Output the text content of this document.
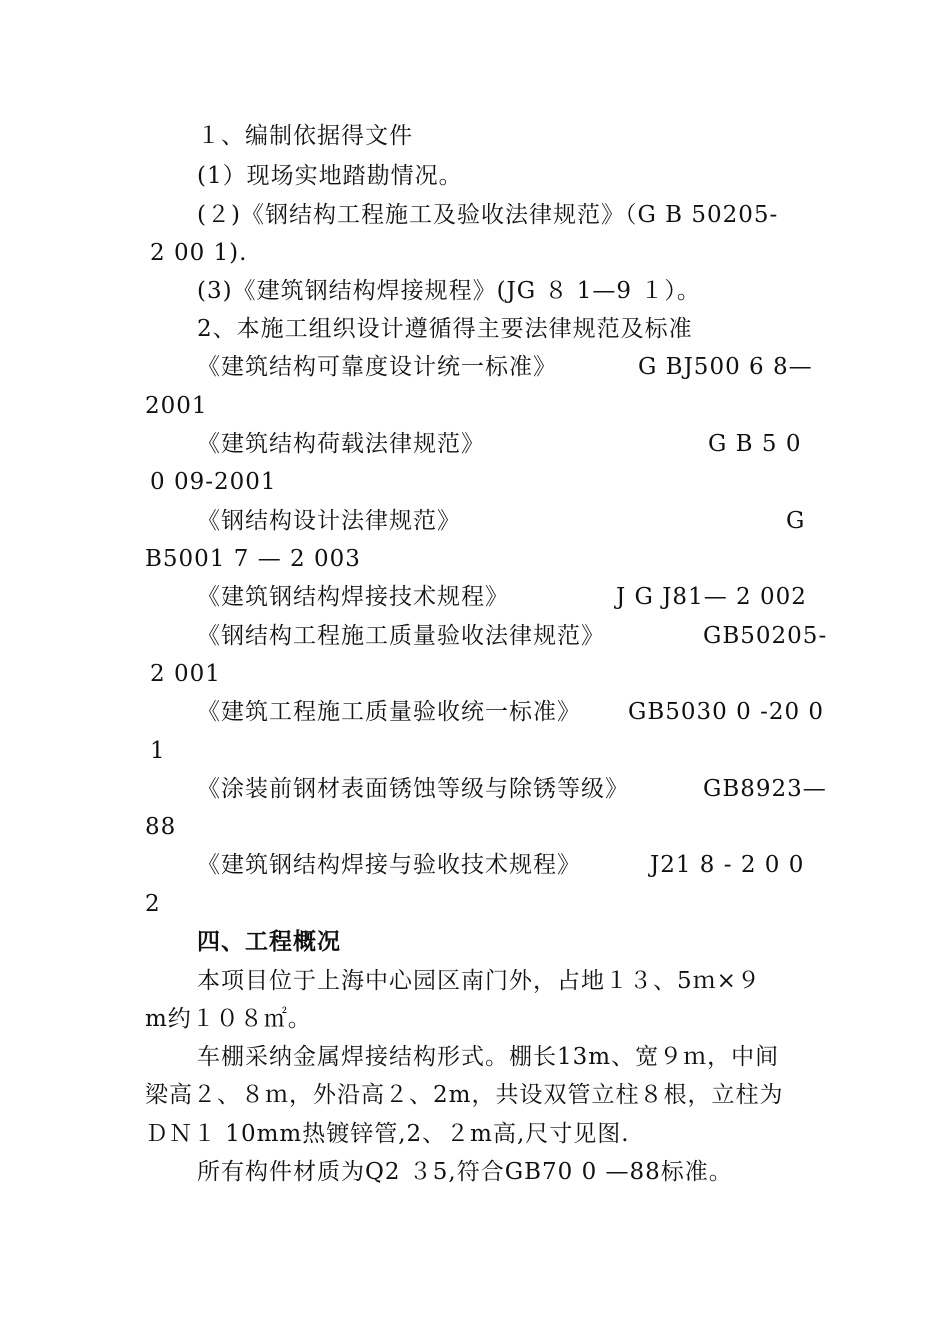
１、编制依据得文件
(1）现场实地踏勘情况。
(２)《钢结构工程施工及验收法律规范》（G B 50205-
2 00 1).
(3)《建筑钢结构焊接规程》(JG ８ 1—9 １）。
2、本施工组织设计遵循得主要法律规范及标准
《建筑结构可靠度设计统一标准》	G BJ500 6 8—
2001
《建筑结构荷载法律规范》	G B 5 0
0 09-2001
《钢结构设计法律规范》	G
B5001 7 — 2 003
《建筑钢结构焊接技术规程》	J G J81— 2 002
《钢结构工程施工质量验收法律规范》	GB50205-
2 001
《建筑工程施工质量验收统一标准》 GB5030 0 -20 0
1
《涂装前钢材表面锈蚀等级与除锈等级》	GB8923—
88
《建筑钢结构焊接与验收技术规程》	J21 8 - 2 0 0
2
四、工程概况
本项目位于上海中心园区南门外，占地１３、5ｍ×９
m约１０８㎡。
车棚采纳金属焊接结构形式。棚长13m、宽９ｍ，中间
梁高２、８ｍ，外沿高２、2m，共设双管立柱８根，立柱为
ＤＮ１ 10mm热镀锌管,2、２m高,尺寸见图.
所有构件材质为Q2 ３5,符合GB70 0 —88标准。
